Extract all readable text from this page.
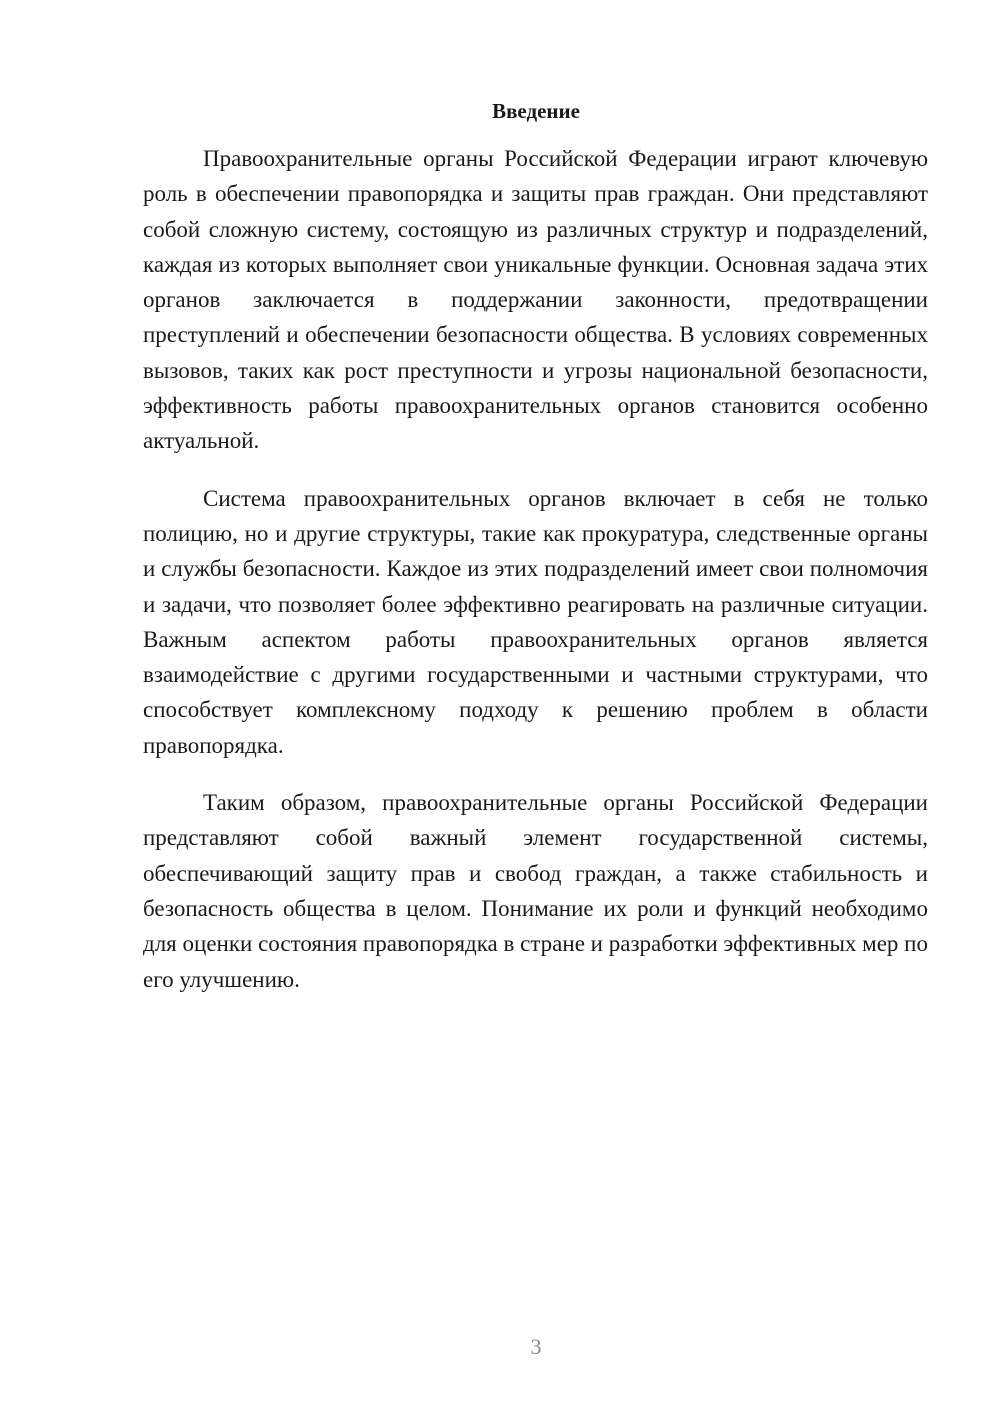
Введение

Правоохранительные органы Российской Федерации играют ключевую роль в обеспечении правопорядка и защиты прав граждан. Они представляют собой сложную систему, состоящую из различных структур и подразделений, каждая из которых выполняет свои уникальные функции. Основная задача этих органов заключается в поддержании законности, предотвращении преступлений и обеспечении безопасности общества. В условиях современных вызовов, таких как рост преступности и угрозы национальной безопасности, эффективность работы правоохранительных органов становится особенно актуальной.

Система правоохранительных органов включает в себя не только полицию, но и другие структуры, такие как прокуратура, следственные органы и службы безопасности. Каждое из этих подразделений имеет свои полномочия и задачи, что позволяет более эффективно реагировать на различные ситуации. Важным аспектом работы правоохранительных органов является взаимодействие с другими государственными и частными структурами, что способствует комплексному подходу к решению проблем в области правопорядка.

Таким образом, правоохранительные органы Российской Федерации представляют собой важный элемент государственной системы, обеспечивающий защиту прав и свобод граждан, а также стабильность и безопасность общества в целом. Понимание их роли и функций необходимо для оценки состояния правопорядка в стране и разработки эффективных мер по его улучшению.

3
